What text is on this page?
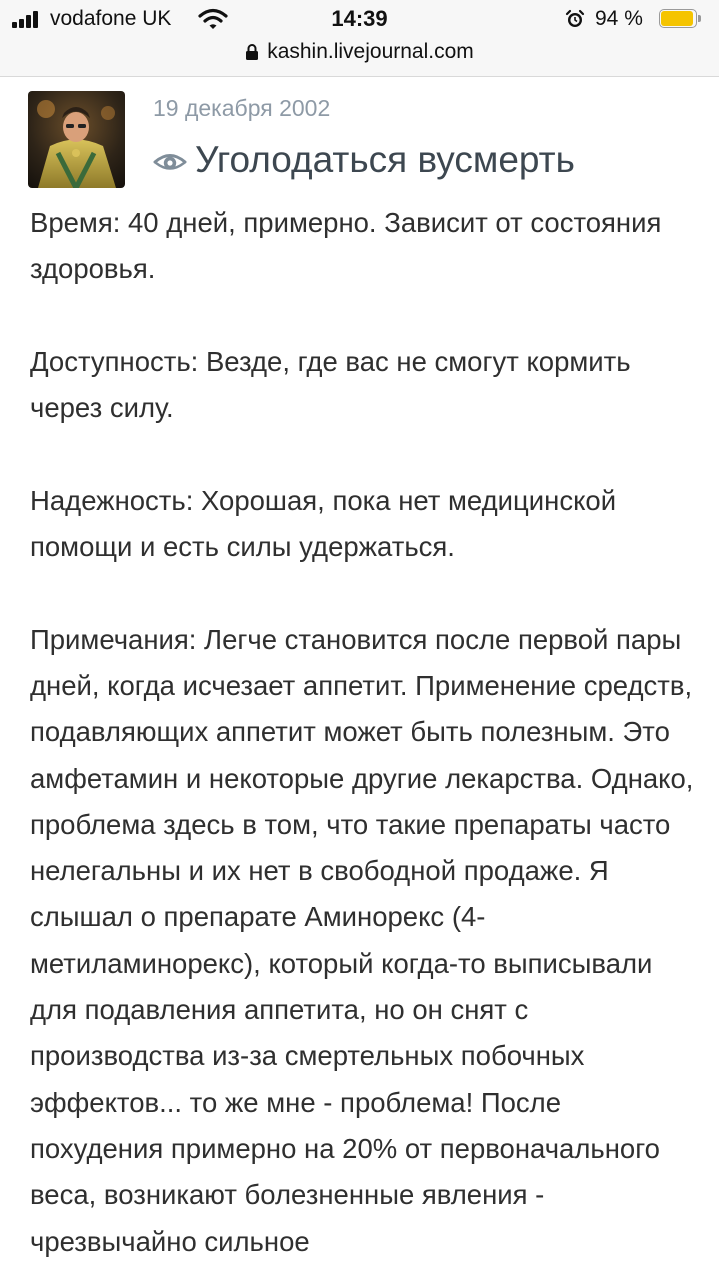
vodafone UK	14:39	94 %
kashin.livejournal.com
19 декабря 2002
Уголодаться вусмерть

Время: 40 дней, примерно. Зависит от состояния здоровья.

Доступность: Везде, где вас не смогут кормить через силу.

Надежность: Хорошая, пока нет медицинской помощи и есть силы удержаться.

Примечания: Легче становится после первой пары дней, когда исчезает аппетит. Применение средств, подавляющих аппетит может быть полезным. Это амфетамин и некоторые другие лекарства. Однако, проблема здесь в том, что такие препараты часто нелегальны и их нет в свободной продаже. Я слышал о препарате Аминорекс (4-метиламинорекс), который когда-то выписывали для подавления аппетита, но он снят с производства из-за смертельных побочных эффектов... то же мне - проблема! После похудения примерно на 20% от первоначального веса, возникают болезненные явления - чрезвычайно сильное
